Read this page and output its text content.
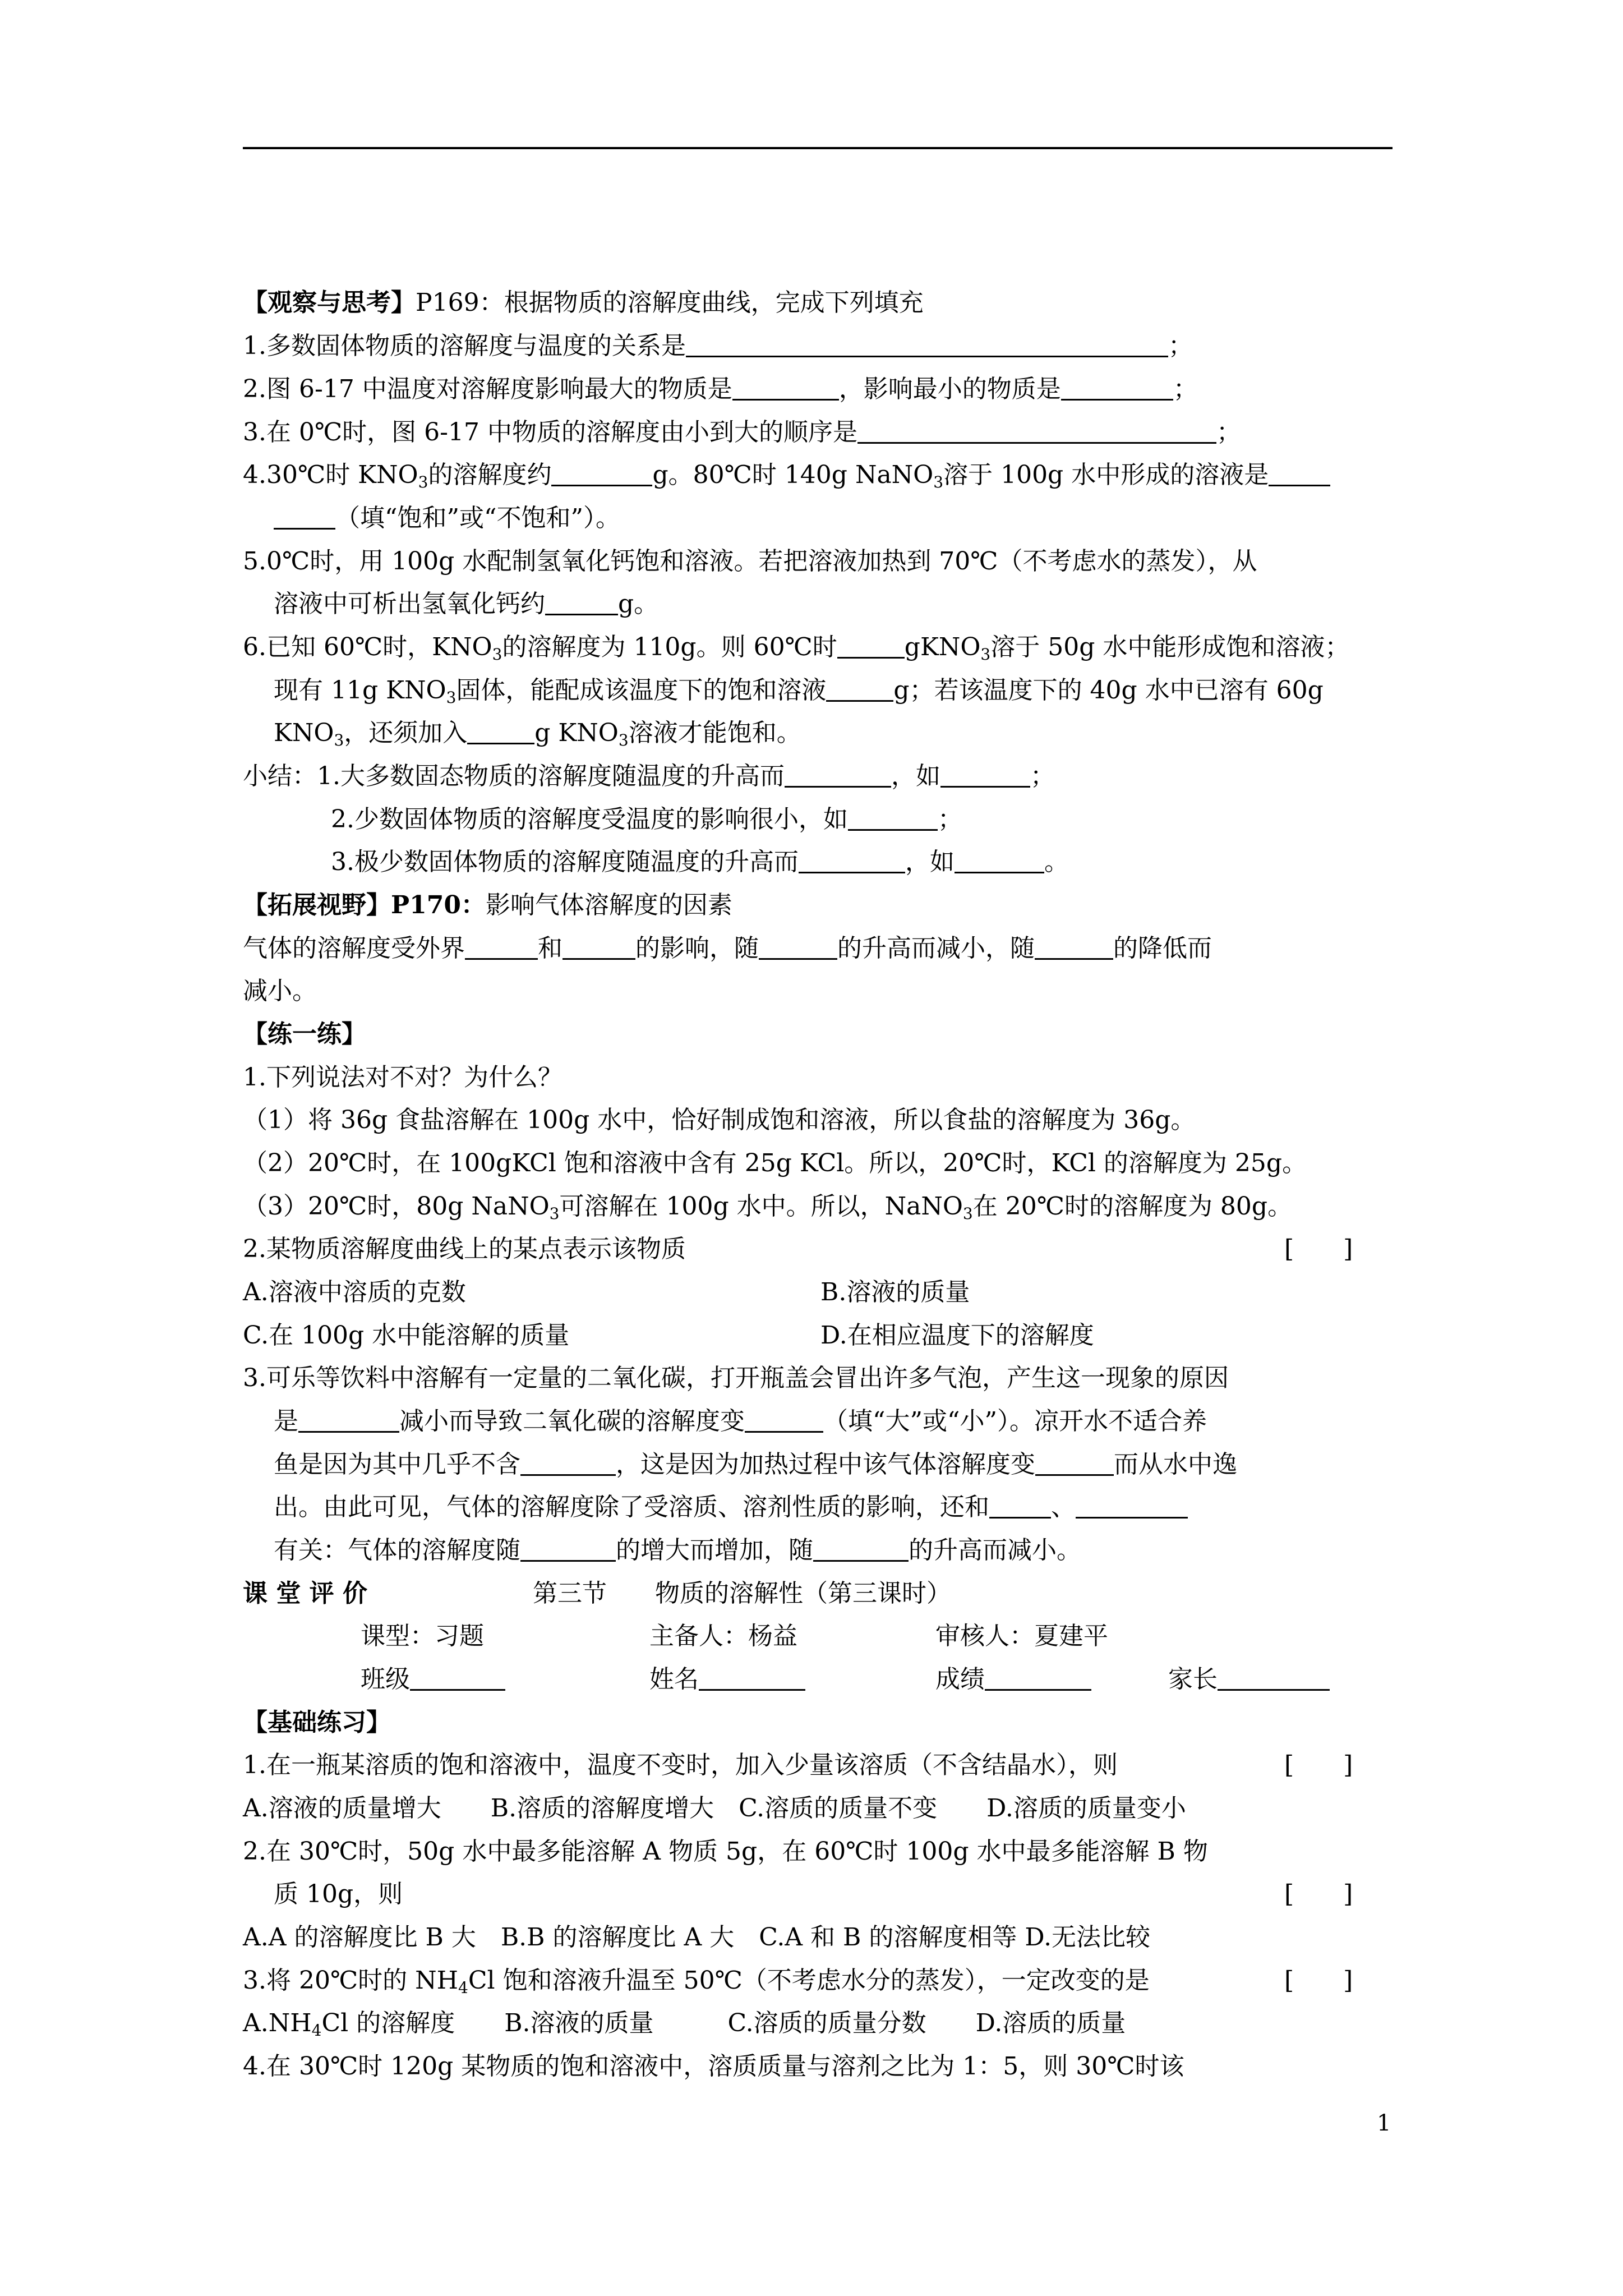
【观察与思考】P169：根据物质的溶解度曲线，完成下列填充
1.多数固体物质的溶解度与温度的关系是	；
2.图 6-17 中温度对溶解度影响最大的物质是	，影响最小的物质是	；
3.在 0℃时，图 6-17 中物质的溶解度由小到大的顺序是	；
4.30℃时 $KNO_3$的溶解度约	g。80℃时 140g NaNO$_3$溶于 100g 水中形成的溶液是
（填“饱和”或“不饱和”）。
5.0℃时，用 100g 水配制氢氧化钙饱和溶液。若把溶液加热到 70℃（不考虑水的蒸发），从
溶液中可析出氢氧化钙约	g。
6.已知 60℃时，$KNO_3$的溶解度为 110g。则 60℃时	gKNO$_3$溶于 50g 水中能形成饱和溶液；
现有 11g $KNO_3$固体，能配成该温度下的饱和溶液	g；若该温度下的 40g 水中已溶有 60g
$KNO_3$，还须加入	g $KNO_3$溶液才能饱和。
小结：1.大多数固态物质的溶解度随温度的升高而	，如	；
2.少数固体物质的溶解度受温度的影响很小，如	；
3.极少数固体物质的溶解度随温度的升高而	，如	。
【拓展视野】P170：影响气体溶解度的因素
气体的溶解度受外界	和	的影响，随	的升高而减小，随	的降低而
减小。
【练一练】
1.下列说法对不对？为什么？
（1）将 36g 食盐溶解在 100g 水中，恰好制成饱和溶液，所以食盐的溶解度为 36g。
（2）20℃时，在 100gKCl 饱和溶液中含有 25g KCl。所以，20℃时，KCl 的溶解度为 25g。
（3）20℃时，80g NaNO$_3$可溶解在 100g 水中。所以，NaNO$_3$在 20℃时的溶解度为 80g。
2.某物质溶解度曲线上的某点表示该物质	[　　]
A.溶液中溶质的克数	B.溶液的质量
C.在 100g 水中能溶解的质量	D.在相应温度下的溶解度
3.可乐等饮料中溶解有一定量的二氧化碳，打开瓶盖会冒出许多气泡，产生这一现象的原因
是	减小而导致二氧化碳的溶解度变	（填“大”或“小”）。凉开水不适合养
鱼是因为其中几乎不含	，这是因为加热过程中该气体溶解度变	而从水中逸
出。由此可见，气体的溶解度除了受溶质、溶剂性质的影响，还和	、
有关：气体的溶解度随	的增大而增加，随	的升高而减小。
课 堂 评 价	第三节 物质的溶解性（第三课时）
课型：习题	主备人：杨益	审核人：夏建平
班级	姓名	成绩	家长
【基础练习】
1.在一瓶某溶质的饱和溶液中，温度不变时，加入少量该溶质（不含结晶水），则	[　　]
A.溶液的质量增大　　B.溶质的溶解度增大　C.溶质的质量不变　　D.溶质的质量变小
2.在 30℃时，50g 水中最多能溶解 A 物质 5g，在 60℃时 100g 水中最多能溶解 B 物
质 10g，则	[　　]
A.A 的溶解度比 B 大　B.B 的溶解度比 A 大　C.A 和 B 的溶解度相等 D.无法比较
3.将 20℃时的 $NH_4Cl$ 饱和溶液升温至 50℃（不考虑水分的蒸发），一定改变的是	[　　]
$A.NH_4Cl$ 的溶解度　　 B.溶液的质量　　　C.溶质的质量分数　　D.溶质的质量
4.在 30℃时 120g 某物质的饱和溶液中，溶质质量与溶剂之比为 1：5，则 30℃时该
1
